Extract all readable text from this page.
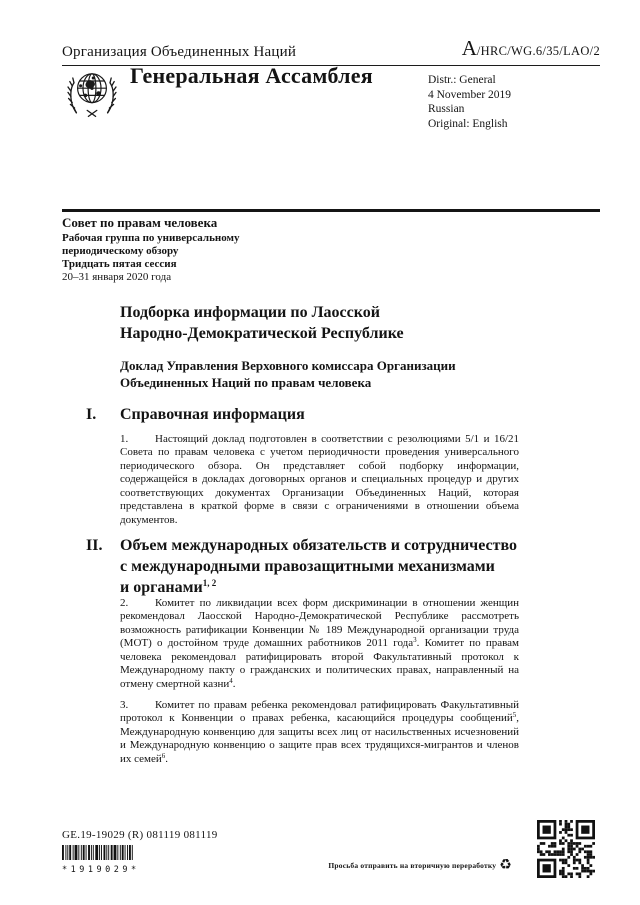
Организация Объединенных Наций	A/HRC/WG.6/35/LAO/2
Генеральная Ассамблея	Distr.: General
4 November 2019
Russian
Original: English
Совет по правам человека
Рабочая группа по универсальному
периодическому обзору
Тридцать пятая сессия
20–31 января 2020 года
Подборка информации по Лаосской
Народно-Демократической Республике
Доклад Управления Верховного комиссара Организации
Объединенных Наций по правам человека
I.	Справочная информация
1. Настоящий доклад подготовлен в соответствии с резолюциями 5/1 и 16/21 Совета по правам человека с учетом периодичности проведения универсального периодического обзора. Он представляет собой подборку информации, содержащейся в докладах договорных органов и специальных процедур и других соответствующих документах Организации Объединенных Наций, которая представлена в краткой форме в связи с ограничениями в отношении объема документов.
II.	Объем международных обязательств и сотрудничество
с международными правозащитными механизмами
и органами$^{1, 2}$
2. Комитет по ликвидации всех форм дискриминации в отношении женщин рекомендовал Лаосской Народно-Демократической Республике рассмотреть возможность ратификации Конвенции № 189 Международной организации труда (МОТ) о достойном труде домашних работников 2011 года$^3$. Комитет по правам человека рекомендовал ратифицировать второй Факультативный протокол к Международному пакту о гражданских и политических правах, направленный на отмену смертной казни$^4$.
3. Комитет по правам ребенка рекомендовал ратифицировать Факультативный протокол к Конвенции о правах ребенка, касающийся процедуры сообщений$^5$, Международную конвенцию для защиты всех лиц от насильственных исчезновений и Международную конвенцию о защите прав всех трудящихся-мигрантов и членов их семей$^6$.
GE.19-19029 (R) 081119 081119
*1919029*	Просьба отправить на вторичную переработку ♻
